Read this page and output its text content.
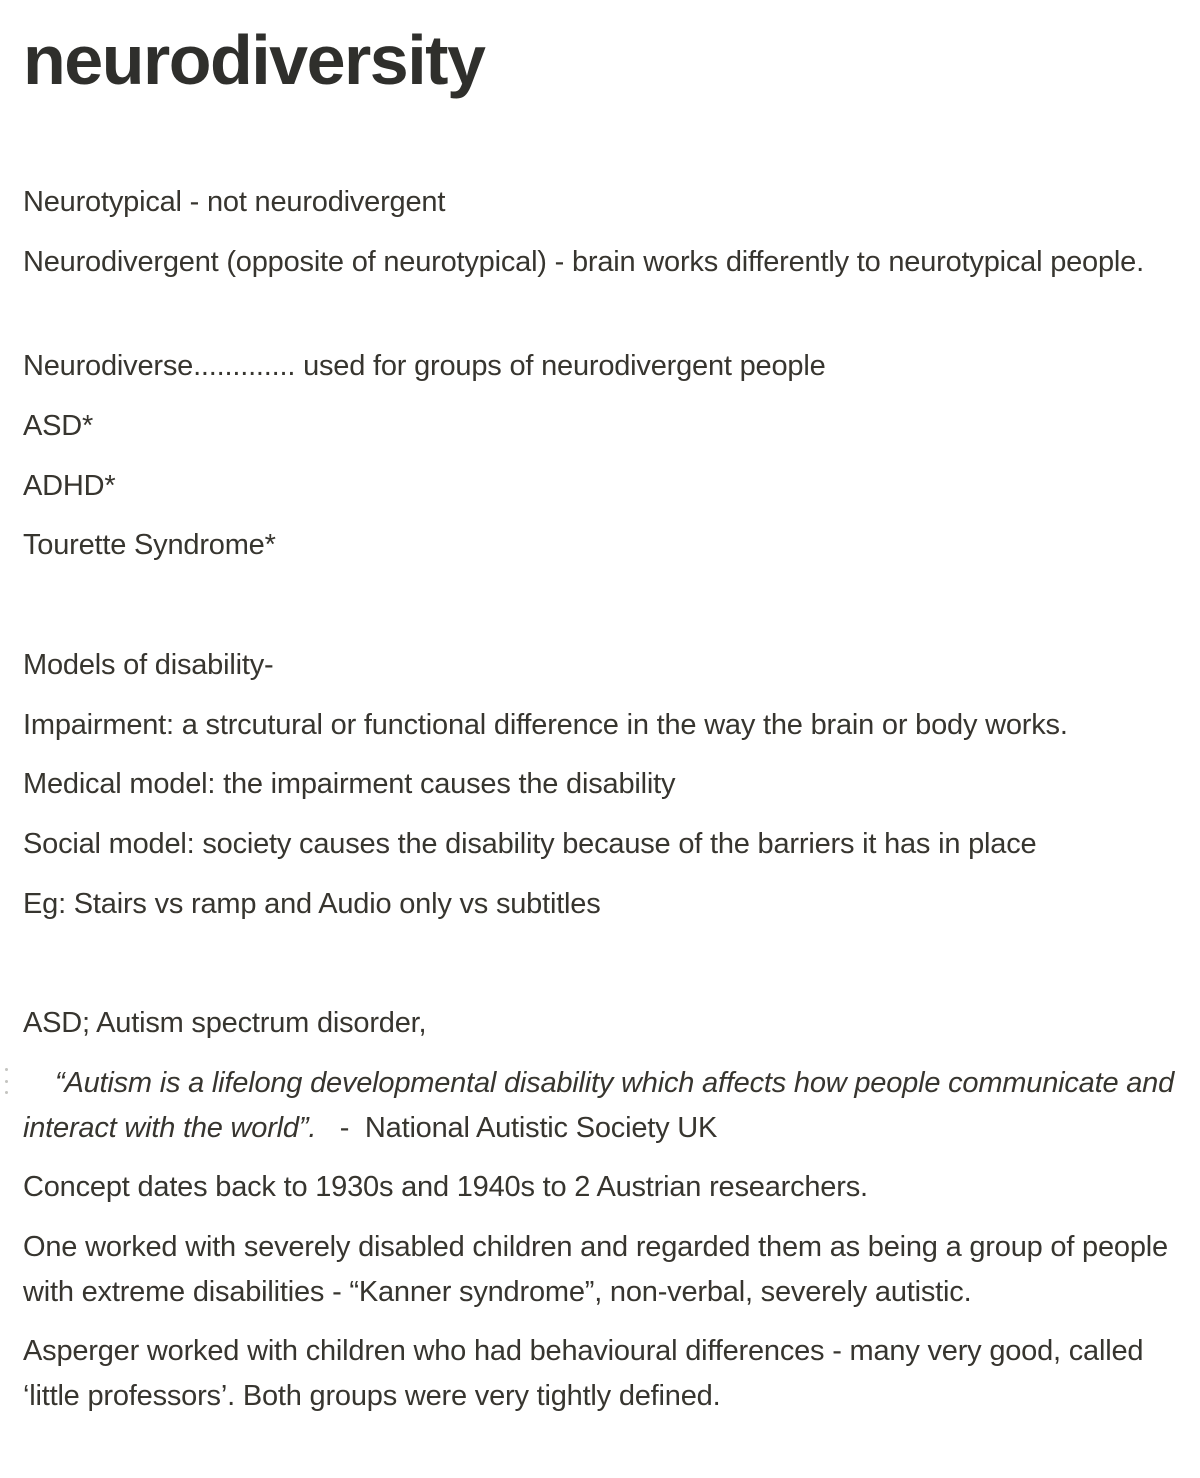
neurodiversity

Neurotypical - not neurodivergent

Neurodivergent (opposite of neurotypical) - brain works differently to neurotypical people.

Neurodiverse............. used for groups of neurodivergent people

ASD*

ADHD*

Tourette Syndrome*

Models of disability-

Impairment: a strcutural or functional difference in the way the brain or body works.

Medical model: the impairment causes the disability

Social model: society causes the disability because of the barriers it has in place

Eg: Stairs vs ramp and Audio only vs subtitles

ASD; Autism spectrum disorder,

“Autism is a lifelong developmental disability which affects how people communicate and interact with the world”.   -  National Autistic Society UK

Concept dates back to 1930s and 1940s to 2 Austrian researchers.

One worked with severely disabled children and regarded them as being a group of people with extreme disabilities - “Kanner syndrome”, non-verbal, severely autistic.

Asperger worked with children who had behavioural differences - many very good, called ‘little professors’. Both groups were very tightly defined.
